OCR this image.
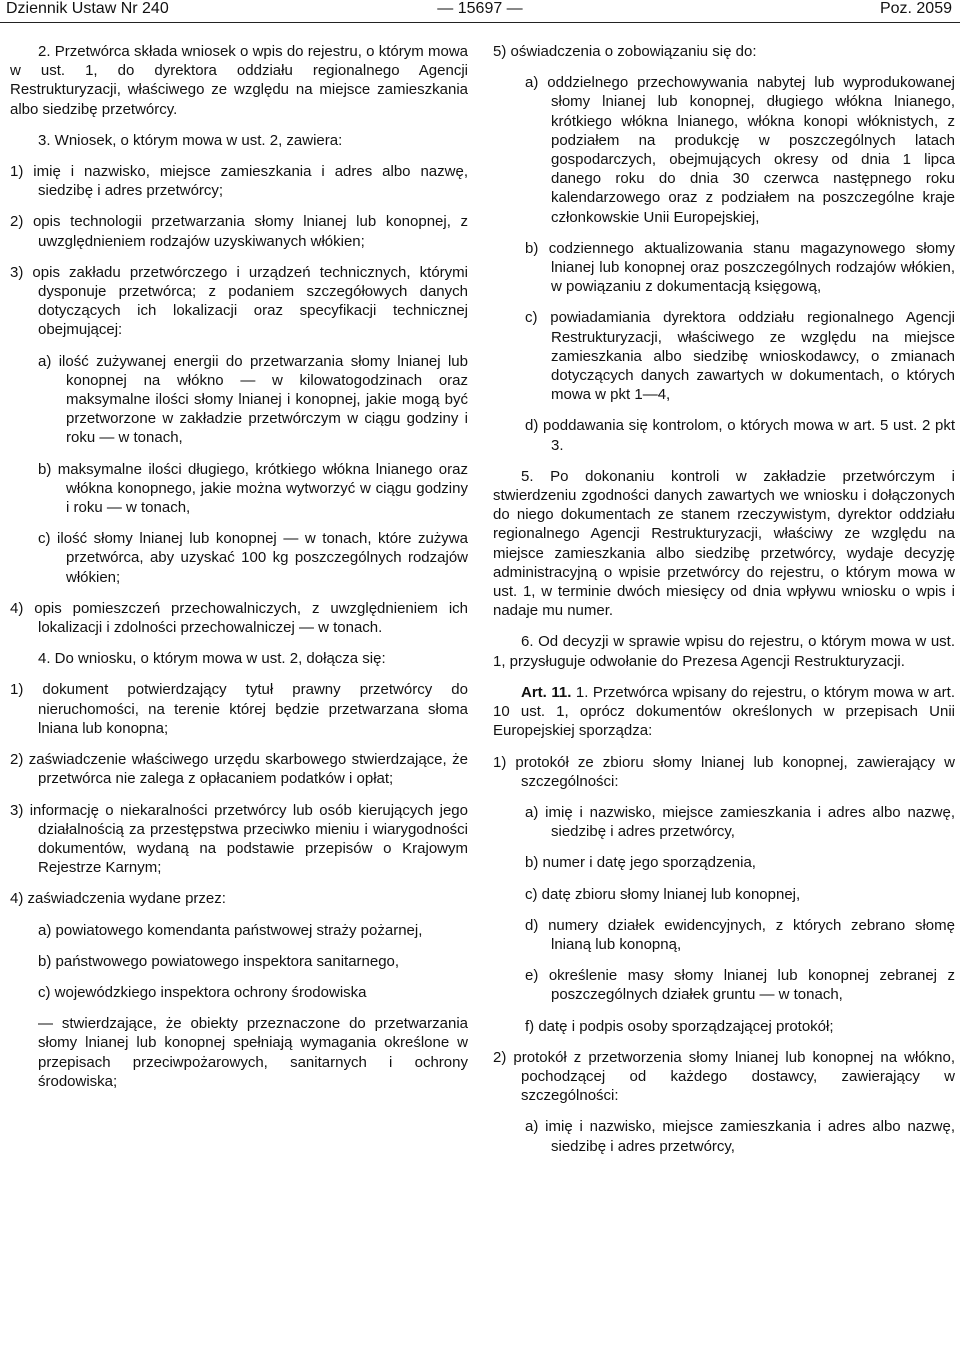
Dziennik Ustaw Nr 240	— 15697 —	Poz. 2059

2. Przetwórca składa wniosek o wpis do rejestru, o którym mowa w ust. 1, do dyrektora oddziału regionalnego Agencji Restrukturyzacji, właściwego ze względu na miejsce zamieszkania albo siedzibę przetwórcy.

3. Wniosek, o którym mowa w ust. 2, zawiera:

1) imię i nazwisko, miejsce zamieszkania i adres albo nazwę, siedzibę i adres przetwórcy;

2) opis technologii przetwarzania słomy lnianej lub konopnej, z uwzględnieniem rodzajów uzyskiwanych włókien;

3) opis zakładu przetwórczego i urządzeń technicznych, którymi dysponuje przetwórca; z podaniem szczegółowych danych dotyczących ich lokalizacji oraz specyfikacji technicznej obejmującej:

a) ilość zużywanej energii do przetwarzania słomy lnianej lub konopnej na włókno — w kilowatogodzinach oraz maksymalne ilości słomy lnianej i konopnej, jakie mogą być przetworzone w zakładzie przetwórczym w ciągu godziny i roku — w tonach,

b) maksymalne ilości długiego, krótkiego włókna lnianego oraz włókna konopnego, jakie można wytworzyć w ciągu godziny i roku — w tonach,

c) ilość słomy lnianej lub konopnej — w tonach, które zużywa przetwórca, aby uzyskać 100 kg poszczególnych rodzajów włókien;

4) opis pomieszczeń przechowalniczych, z uwzględnieniem ich lokalizacji i zdolności przechowalniczej — w tonach.

4. Do wniosku, o którym mowa w ust. 2, dołącza się:

1) dokument potwierdzający tytuł prawny przetwórcy do nieruchomości, na terenie której będzie przetwarzana słoma lniana lub konopna;

2) zaświadczenie właściwego urzędu skarbowego stwierdzające, że przetwórca nie zalega z opłacaniem podatków i opłat;

3) informację o niekaralności przetwórcy lub osób kierujących jego działalnością za przestępstwa przeciwko mieniu i wiarygodności dokumentów, wydaną na podstawie przepisów o Krajowym Rejestrze Karnym;

4) zaświadczenia wydane przez:

a) powiatowego komendanta państwowej straży pożarnej,

b) państwowego powiatowego inspektora sanitarnego,

c) wojewódzkiego inspektora ochrony środowiska

— stwierdzające, że obiekty przeznaczone do przetwarzania słomy lnianej lub konopnej spełniają wymagania określone w przepisach przeciwpożarowych, sanitarnych i ochrony środowiska;

5) oświadczenia o zobowiązaniu się do:

a) oddzielnego przechowywania nabytej lub wyprodukowanej słomy lnianej lub konopnej, długiego włókna lnianego, krótkiego włókna lnianego, włókna konopi włóknistych, z podziałem na produkcję w poszczególnych latach gospodarczych, obejmujących okresy od dnia 1 lipca danego roku do dnia 30 czerwca następnego roku kalendarzowego oraz z podziałem na poszczególne kraje członkowskie Unii Europejskiej,

b) codziennego aktualizowania stanu magazynowego słomy lnianej lub konopnej oraz poszczególnych rodzajów włókien, w powiązaniu z dokumentacją księgową,

c) powiadamiania dyrektora oddziału regionalnego Agencji Restrukturyzacji, właściwego ze względu na miejsce zamieszkania albo siedzibę wnioskodawcy, o zmianach dotyczących danych zawartych w dokumentach, o których mowa w pkt 1—4,

d) poddawania się kontrolom, o których mowa w art. 5 ust. 2 pkt 3.

5. Po dokonaniu kontroli w zakładzie przetwórczym i stwierdzeniu zgodności danych zawartych we wniosku i dołączonych do niego dokumentach ze stanem rzeczywistym, dyrektor oddziału regionalnego Agencji Restrukturyzacji, właściwy ze względu na miejsce zamieszkania albo siedzibę przetwórcy, wydaje decyzję administracyjną o wpisie przetwórcy do rejestru, o którym mowa w ust. 1, w terminie dwóch miesięcy od dnia wpływu wniosku o wpis i nadaje mu numer.

6. Od decyzji w sprawie wpisu do rejestru, o którym mowa w ust. 1, przysługuje odwołanie do Prezesa Agencji Restrukturyzacji.

Art. 11. 1. Przetwórca wpisany do rejestru, o którym mowa w art. 10 ust. 1, oprócz dokumentów określonych w przepisach Unii Europejskiej sporządza:

1) protokół ze zbioru słomy lnianej lub konopnej, zawierający w szczególności:

a) imię i nazwisko, miejsce zamieszkania i adres albo nazwę, siedzibę i adres przetwórcy,

b) numer i datę jego sporządzenia,

c) datę zbioru słomy lnianej lub konopnej,

d) numery działek ewidencyjnych, z których zebrano słomę lnianą lub konopną,

e) określenie masy słomy lnianej lub konopnej zebranej z poszczególnych działek gruntu — w tonach,

f) datę i podpis osoby sporządzającej protokół;

2) protokół z przetworzenia słomy lnianej lub konopnej na włókno, pochodzącej od każdego dostawcy, zawierający w szczególności:

a) imię i nazwisko, miejsce zamieszkania i adres albo nazwę, siedzibę i adres przetwórcy,
